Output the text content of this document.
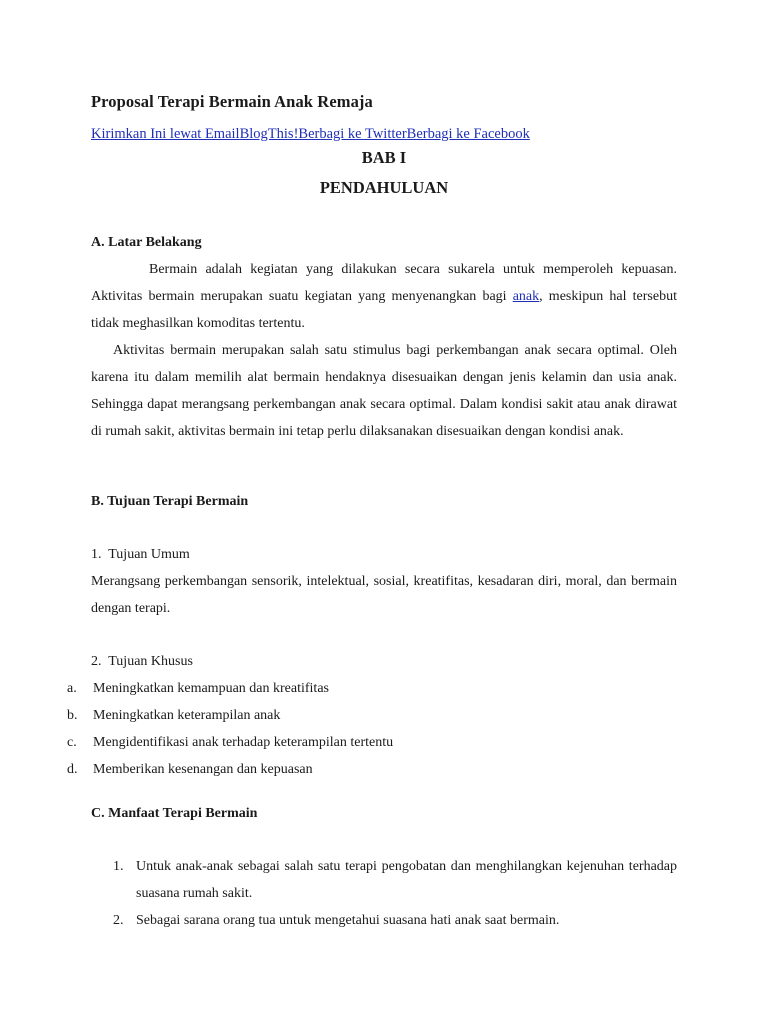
Proposal Terapi Bermain Anak Remaja
Kirimkan Ini lewat EmailBlogThis!Berbagi ke TwitterBerbagi ke Facebook
BAB I
PENDAHULUAN
A. Latar Belakang
Bermain adalah kegiatan yang dilakukan secara sukarela untuk memperoleh kepuasan. Aktivitas bermain merupakan suatu kegiatan yang menyenangkan bagi anak, meskipun hal tersebut tidak meghasilkan komoditas tertentu.
Aktivitas bermain merupakan salah satu stimulus bagi perkembangan anak secara optimal. Oleh karena itu dalam memilih alat bermain hendaknya disesuaikan dengan jenis kelamin dan usia anak. Sehingga dapat merangsang perkembangan anak secara optimal. Dalam kondisi sakit atau anak dirawat di rumah sakit, aktivitas bermain ini tetap perlu dilaksanakan disesuaikan dengan kondisi anak.
B. Tujuan Terapi Bermain
1.  Tujuan Umum
Merangsang perkembangan sensorik, intelektual, sosial, kreatifitas, kesadaran diri, moral, dan bermain dengan terapi.
2.  Tujuan Khusus
a. Meningkatkan kemampuan dan kreatifitas
b. Meningkatkan keterampilan anak
c. Mengidentifikasi anak terhadap keterampilan tertentu
d. Memberikan kesenangan dan kepuasan
C. Manfaat Terapi Bermain
1. Untuk anak-anak sebagai salah satu terapi pengobatan dan menghilangkan kejenuhan terhadap suasana rumah sakit.
2. Sebagai sarana orang tua untuk mengetahui suasana hati anak saat bermain.
